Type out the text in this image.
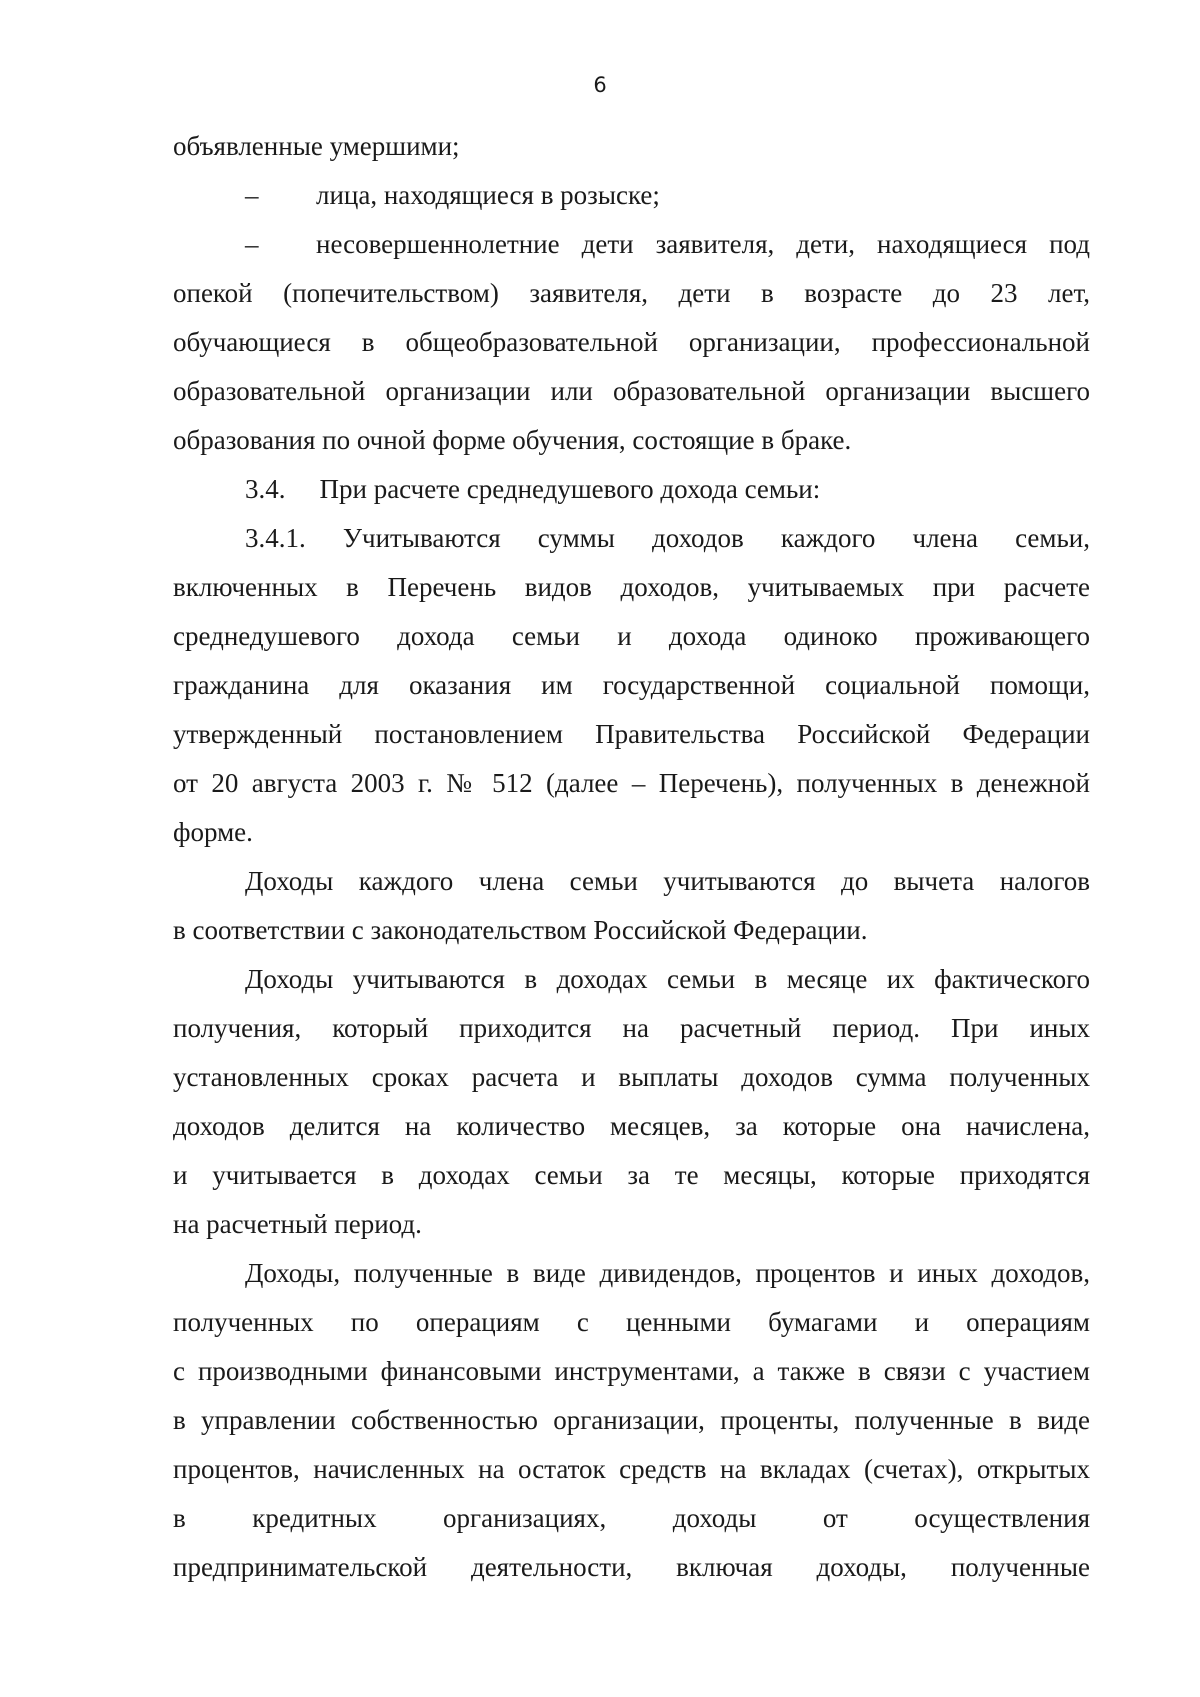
6
объявленные умершими;
– лица, находящиеся в розыске;
– несовершеннолетние дети заявителя, дети, находящиеся под
опекой (попечительством) заявителя, дети в возрасте до 23 лет,
обучающиеся в общеобразовательной организации, профессиональной
образовательной организации или образовательной организации высшего
образования по очной форме обучения, состоящие в браке.
3.4. При расчете среднедушевого дохода семьи:
3.4.1. Учитываются суммы доходов каждого члена семьи,
включенных в Перечень видов доходов, учитываемых при расчете
среднедушевого дохода семьи и дохода одиноко проживающего
гражданина для оказания им государственной социальной помощи,
утвержденный постановлением Правительства Российской Федерации
от 20 августа 2003 г. № 512 (далее – Перечень), полученных в денежной
форме.
Доходы каждого члена семьи учитываются до вычета налогов
в соответствии с законодательством Российской Федерации.
Доходы учитываются в доходах семьи в месяце их фактического
получения, который приходится на расчетный период. При иных
установленных сроках расчета и выплаты доходов сумма полученных
доходов делится на количество месяцев, за которые она начислена,
и учитывается в доходах семьи за те месяцы, которые приходятся
на расчетный период.
Доходы, полученные в виде дивидендов, процентов и иных доходов,
полученных по операциям с ценными бумагами и операциям
с производными финансовыми инструментами, а также в связи с участием
в управлении собственностью организации, проценты, полученные в виде
процентов, начисленных на остаток средств на вкладах (счетах), открытых
в кредитных организациях, доходы от осуществления
предпринимательской деятельности, включая доходы, полученные
